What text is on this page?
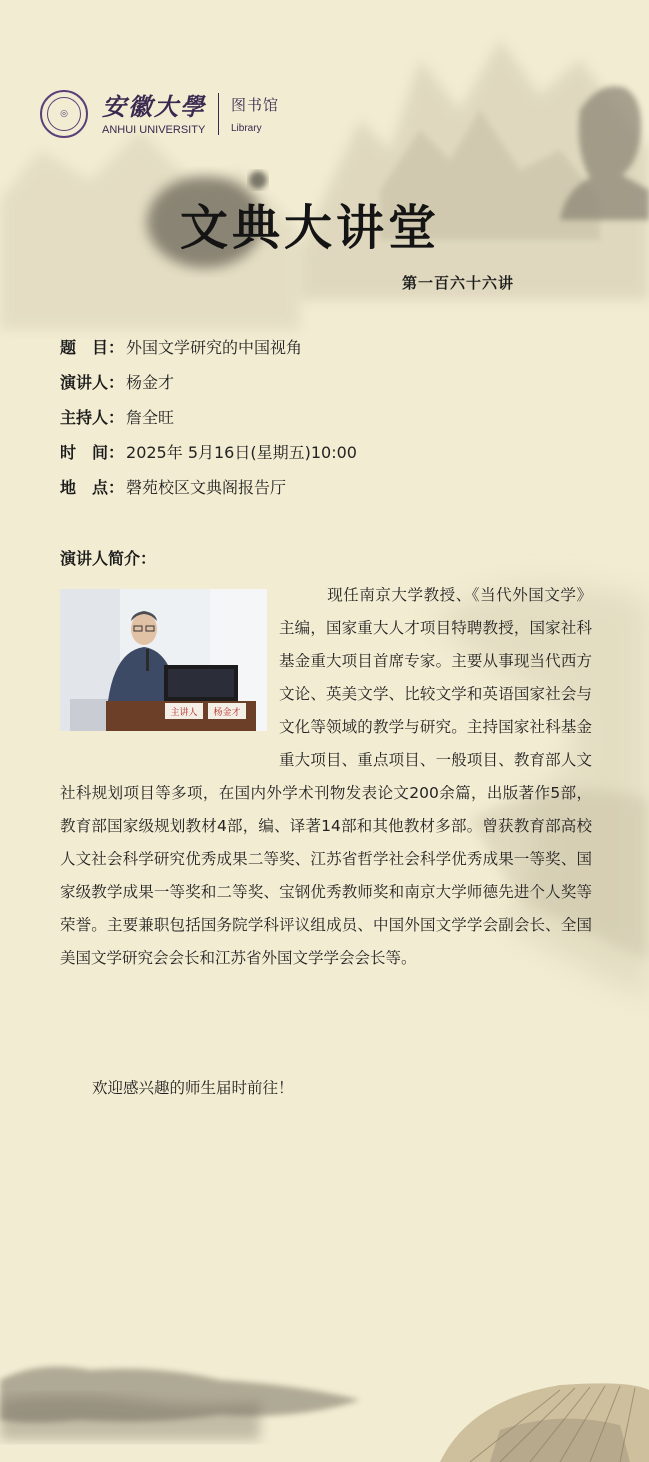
◎	安徽大學
ANHUI UNIVERSITY
图书馆
Library
文典大讲堂
第一百六十六讲
题　目： 外国文学研究的中国视角
演讲人： 杨金才
主持人： 詹全旺
时　间： 2025年 5月16日(星期五)10:00
地　点： 磬苑校区文典阁报告厅
演讲人简介：
主讲人 杨金才

　　　现任南京大学教授、《当代外国文学》主编，国家重大人才项目特聘教授，国家社科基金重大项目首席专家。主要从事现当代西方文论、英美文学、比较文学和英语国家社会与文化等领域的教学与研究。主持国家社科基金重大项目、重点项目、一般项目、教育部人文社科规划项目等多项，在国内外学术刊物发表论文200余篇，出版著作5部，教育部国家级规划教材4部，编、译著14部和其他教材多部。曾获教育部高校人文社会科学研究优秀成果二等奖、江苏省哲学社会科学优秀成果一等奖、国家级教学成果一等奖和二等奖、宝钢优秀教师奖和南京大学师德先进个人奖等荣誉。主要兼职包括国务院学科评议组成员、中国外国文学学会副会长、全国美国文学研究会会长和江苏省外国文学学会会长等。

欢迎感兴趣的师生届时前往！
